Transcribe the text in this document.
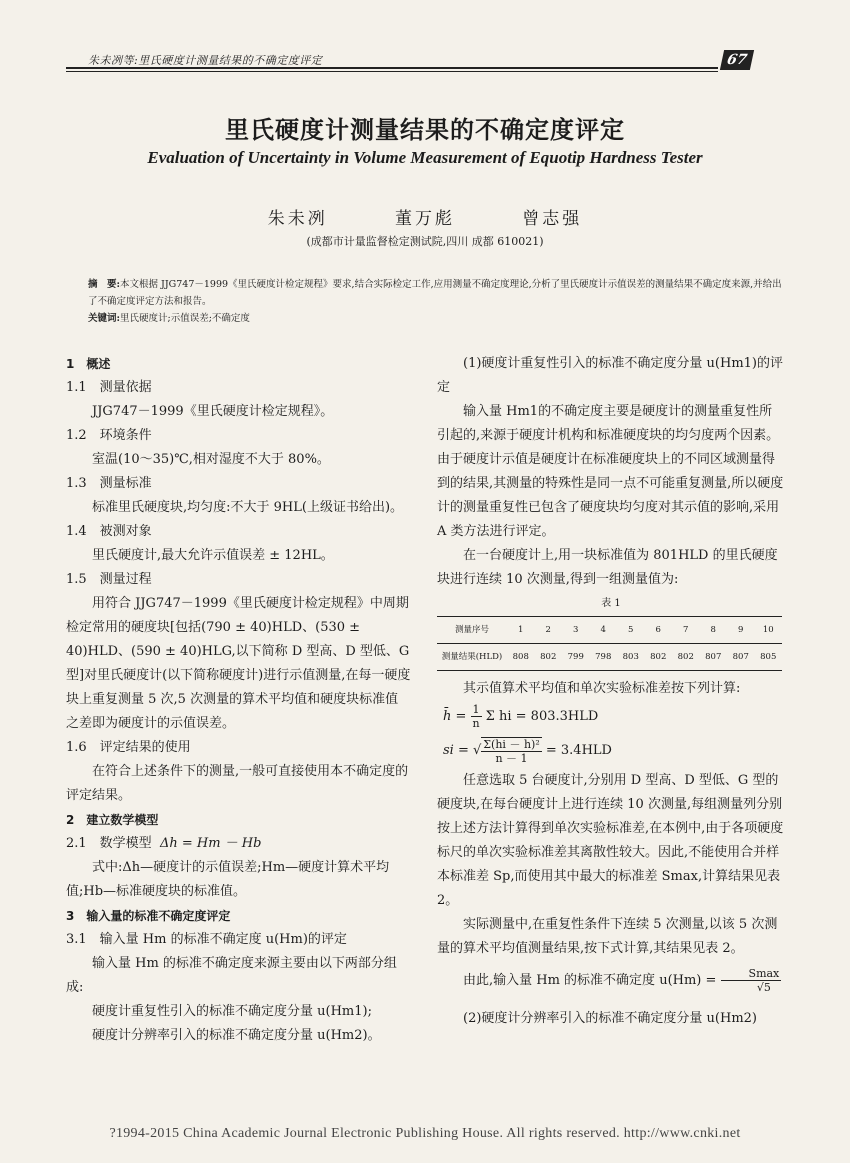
朱未冽等:里氏硬度计测量结果的不确定度评定	67
里氏硬度计测量结果的不确定度评定
Evaluation of Uncertainty in Volume Measurement of Equotip Hardness Tester
朱未冽	董万彪	曾志强
(成都市计量监督检定测试院,四川 成都 610021)
摘　要:本文根据 JJG747－1999《里氏硬度计检定规程》要求,结合实际检定工作,应用测量不确定度理论,分析了里氏硬度计示值误差的测量结果不确定度来源,并给出了不确定度评定方法和报告。
关键词:里氏硬度计;示值误差;不确定度

1　概述

1.1　测量依据

JJG747－1999《里氏硬度计检定规程》。

1.2　环境条件

室温(10～35)℃,相对湿度不大于 80%。

1.3　测量标准

标准里氏硬度块,均匀度:不大于 9HL(上级证书给出)。

1.4　被测对象

里氏硬度计,最大允许示值误差 ± 12HL。

1.5　测量过程

用符合 JJG747－1999《里氏硬度计检定规程》中周期检定常用的硬度块[包括(790 ± 40)HLD、(530 ± 40)HLD、(590 ± 40)HLG,以下简称 D 型高、D 型低、G 型]对里氏硬度计(以下简称硬度计)进行示值测量,在每一硬度块上重复测量 5 次,5 次测量的算术平均值和硬度块标准值之差即为硬度计的示值误差。

1.6　评定结果的使用

在符合上述条件下的测量,一般可直接使用本不确定度的评定结果。

2　建立数学模型

2.1　数学模型 Δh = Hm － Hb

式中:Δh—硬度计的示值误差;Hm—硬度计算术平均值;Hb—标准硬度块的标准值。

3　输入量的标准不确定度评定

3.1　输入量 Hm 的标准不确定度 u(Hm)的评定

输入量 Hm 的标准不确定度来源主要由以下两部分组成:

硬度计重复性引入的标准不确定度分量 u(Hm1);

硬度计分辨率引入的标准不确定度分量 u(Hm2)。

(1)硬度计重复性引入的标准不确定度分量 u(Hm1)的评定

输入量 Hm1的不确定度主要是硬度计的测量重复性所引起的,来源于硬度计机构和标准硬度块的均匀度两个因素。由于硬度计示值是硬度计在标准硬度块上的不同区域测量得到的结果,其测量的特殊性是同一点不可能重复测量,所以硬度计的测量重复性已包含了硬度块均匀度对其示值的影响,采用 A 类方法进行评定。

在一台硬度计上,用一块标准值为 801HLD 的里氏硬度块进行连续 10 次测量,得到一组测量值为:

表 1
测量序号	1	2	3	4	5	6	7	8	9	10
测量结果(HLD)	808	802	799	798	803	802	802	807	807	805

其示值算术平均值和单次实验标准差按下列计算:

h̄ = $\frac{1}{n}$ Σ hi = 803.3HLD

si = √ $\frac{\text{Σ(hi － h̄)²}}{n - 1} = 3.4HLD$

任意选取 5 台硬度计,分别用 D 型高、D 型低、G 型的硬度块,在每台硬度计上进行连续 10 次测量,每组测量列分别按上述方法计算得到单次实验标准差,在本例中,由于各项硬度标尺的单次实验标准差其离散性较大。因此,不能使用合并样本标准差 Sp,而使用其中最大的标准差 Smax,计算结果见表 2。

实际测量中,在重复性条件下连续 5 次测量,以该 5 次测量的算术平均值测量结果,按下式计算,其结果见表 2。

由此,输入量 Hm 的标准不确定度 $u(Hm) = \frac{Smax}{√5}$

(2)硬度计分辨率引入的标准不确定度分量 u(Hm2)

?1994-2015 China Academic Journal Electronic Publishing House. All rights reserved. http://www.cnki.net
